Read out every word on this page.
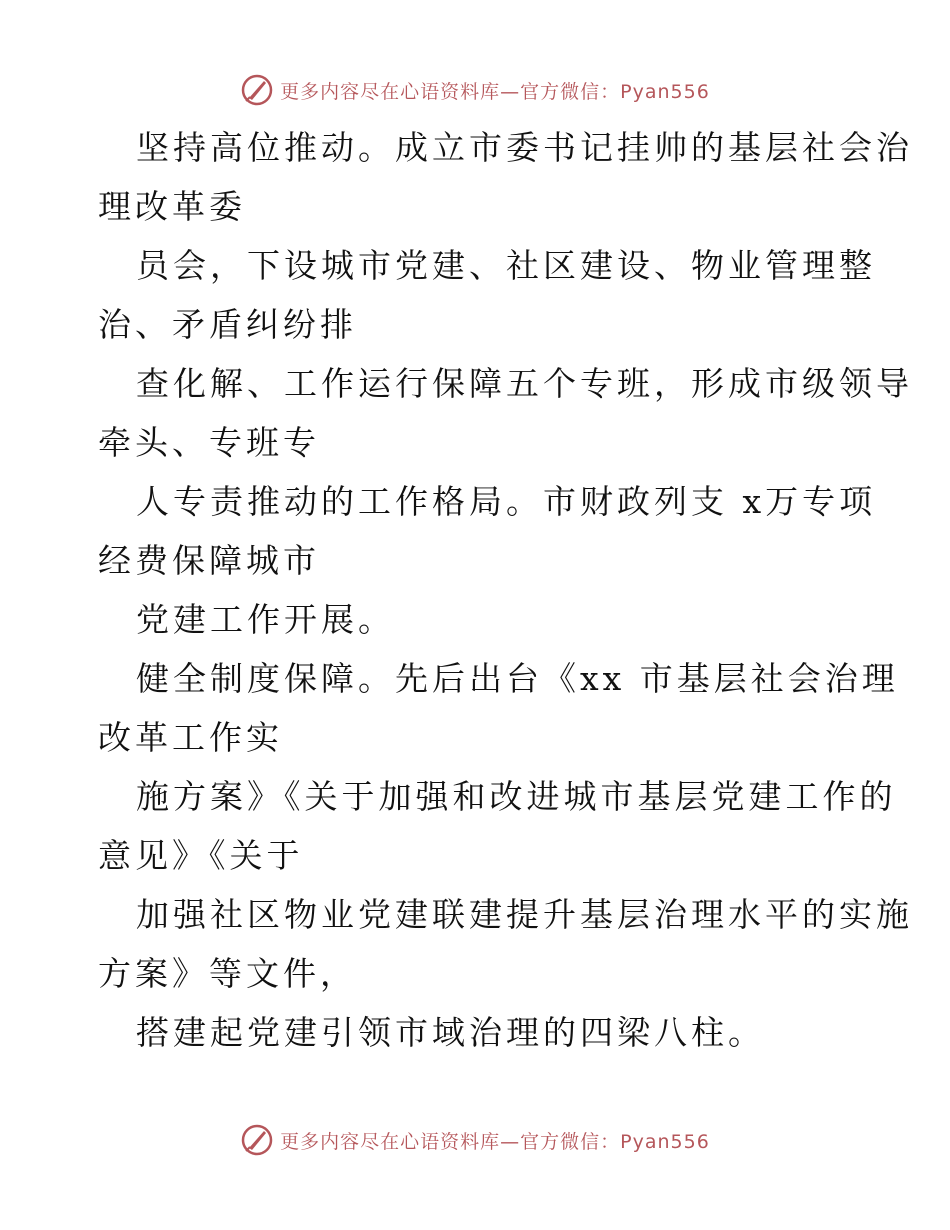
更多内容尽在心语资料库—官方微信：Pyan556
坚持高位推动。成立市委书记挂帅的基层社会治
理改革委
员会，下设城市党建、社区建设、物业管理整
治、矛盾纠纷排
查化解、工作运行保障五个专班，形成市级领导
牵头、专班专
人专责推动的工作格局。市财政列支 x万专项
经费保障城市
党建工作开展。
健全制度保障。先后出台《xx 市基层社会治理
改革工作实
施方案》《关于加强和改进城市基层党建工作的
意见》《关于
加强社区物业党建联建提升基层治理水平的实施
方案》等文件，
搭建起党建引领市域治理的四梁八柱。
更多内容尽在心语资料库—官方微信：Pyan556
